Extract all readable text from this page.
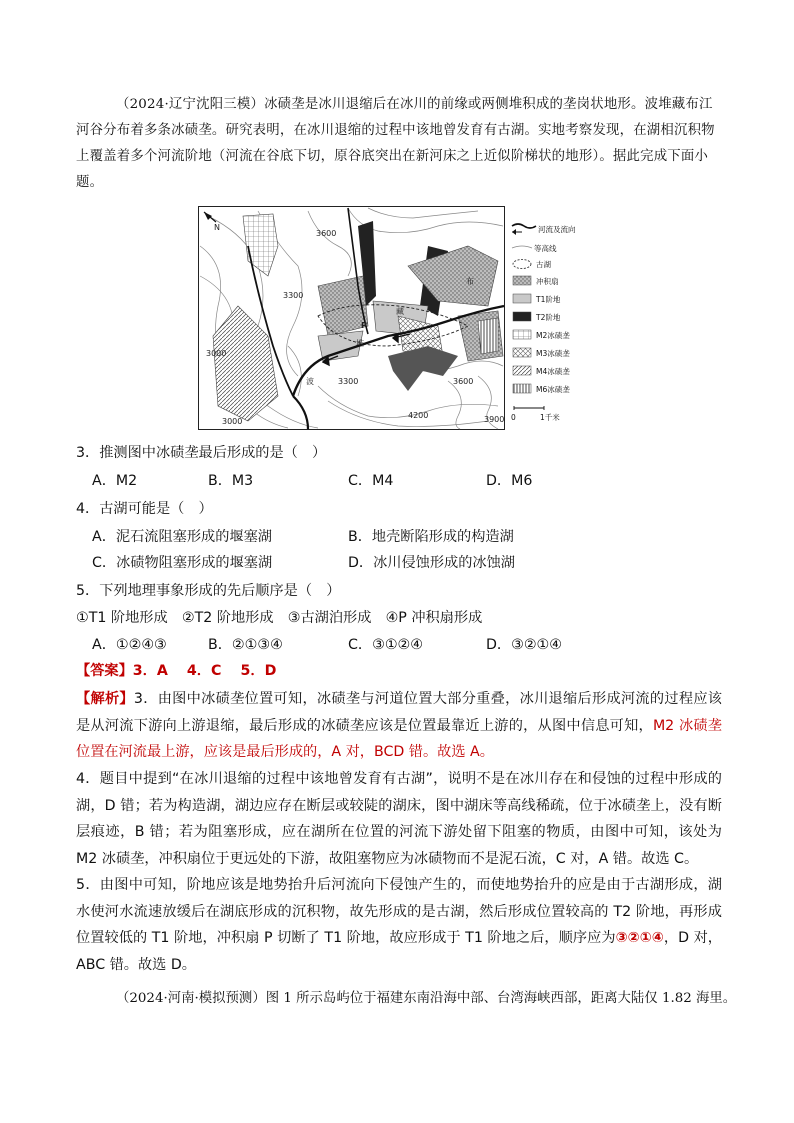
（2024·辽宁沈阳三模）冰碛垄是冰川退缩后在冰川的前缘或两侧堆积成的垄岗状地形。波堆藏布江河谷分布着多条冰碛垄。研究表明，在冰川退缩的过程中该地曾发育有古湖。实地考察发现，在湖相沉积物上覆盖着多个河流阶地（河流在谷底下切，原谷底突出在新河床之上近似阶梯状的地形）。据此完成下面小题。
N
P
3600
3300
3000
3600
3300
3000
4200	3900
波
堆
藏
布
河流及流向
等高线
古湖
冲积扇
T1阶地
T2阶地
M2冰碛垄
M3冰碛垄
M4冰碛垄
M6冰碛垄
0	1千米
3．推测图中冰碛垄最后形成的是（　）
A．M2	B．M3	C．M4	D．M6
4．古湖可能是（　）
A．泥石流阻塞形成的堰塞湖	B．地壳断陷形成的构造湖
C．冰碛物阻塞形成的堰塞湖	D．冰川侵蚀形成的冰蚀湖
5．下列地理事象形成的先后顺序是（　）
①T1 阶地形成　②T2 阶地形成　③古湖泊形成　④P 冲积扇形成
A．①②④③	B．②①③④	C．③①②④	D．③②①④
【答案】3．A　 4．C　 5．D
【解析】3．由图中冰碛垄位置可知，冰碛垄与河道位置大部分重叠，冰川退缩后形成河流的过程应该是从河流下游向上游退缩，最后形成的冰碛垄应该是位置最靠近上游的，从图中信息可知，M2 冰碛垄位置在河流最上游，应该是最后形成的，A 对，BCD 错。故选 A。
4．题目中提到“在冰川退缩的过程中该地曾发育有古湖”，说明不是在冰川存在和侵蚀的过程中形成的湖，D 错；若为构造湖，湖边应存在断层或较陡的湖床，图中湖床等高线稀疏，位于冰碛垄上，没有断层痕迹，B 错；若为阻塞形成，应在湖所在位置的河流下游处留下阻塞的物质，由图中可知，该处为 M2 冰碛垄，冲积扇位于更远处的下游，故阻塞物应为冰碛物而不是泥石流，C 对，A 错。故选 C。
5．由图中可知，阶地应该是地势抬升后河流向下侵蚀产生的，而使地势抬升的应是由于古湖形成，湖水使河水流速放缓后在湖底形成的沉积物，故先形成的是古湖，然后形成位置较高的 T2 阶地，再形成位置较低的 T1 阶地，冲积扇 P 切断了 T1 阶地，故应形成于 T1 阶地之后，顺序应为③②①④，D 对，ABC 错。故选 D。
（2024·河南·模拟预测）图 1 所示岛屿位于福建东南沿海中部、台湾海峡西部，距离大陆仅 1.82 海里。
